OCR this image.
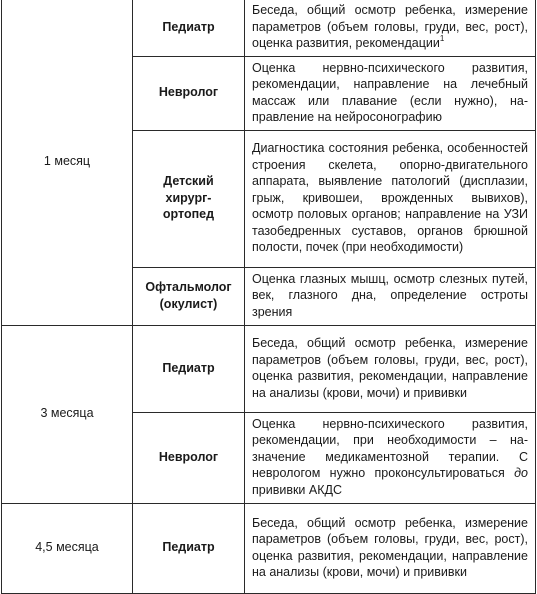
1 месяц	Педиатр	Беседа, общий осмотр ребенка, измерение параметров (объем головы, груди, вес, рост), оценка развития, рекомендации$^1$
	Невролог	Оценка нервно-психического развития, рекомендации, направление на лечебный массаж или плавание (если нужно), направление на нейросонографию
	Детский хирург-ортопед	Диагностика состояния ребенка, особенностей строения скелета, опорно-двигательного аппарата, выявление патологий (дисплазии, грыж, кривошеи, врожденных вывихов), осмотр половых органов; направление на УЗИ тазобедренных суставов, органов брюшной полости, почек (при необходимости)
	Офтальмолог (окулист)	Оценка глазных мышц, осмотр слезных путей, век, глазного дна, определение остроты зрения
3 месяца	Педиатр	Беседа, общий осмотр ребенка, измерение параметров (объем головы, груди, вес, рост), оценка развития, рекомендации, направление на анализы (крови, мочи) и прививки
	Невролог	Оценка нервно-психического развития, рекомендации, при необходимости – назначение медикаментозной терапии. С неврологом нужно проконсультироваться до прививки АКДС
4,5 месяца	Педиатр	Беседа, общий осмотр ребенка, измерение параметров (объем головы, груди, вес, рост), оценка развития, рекомендации, направление на анализы (крови, мочи) и прививки
